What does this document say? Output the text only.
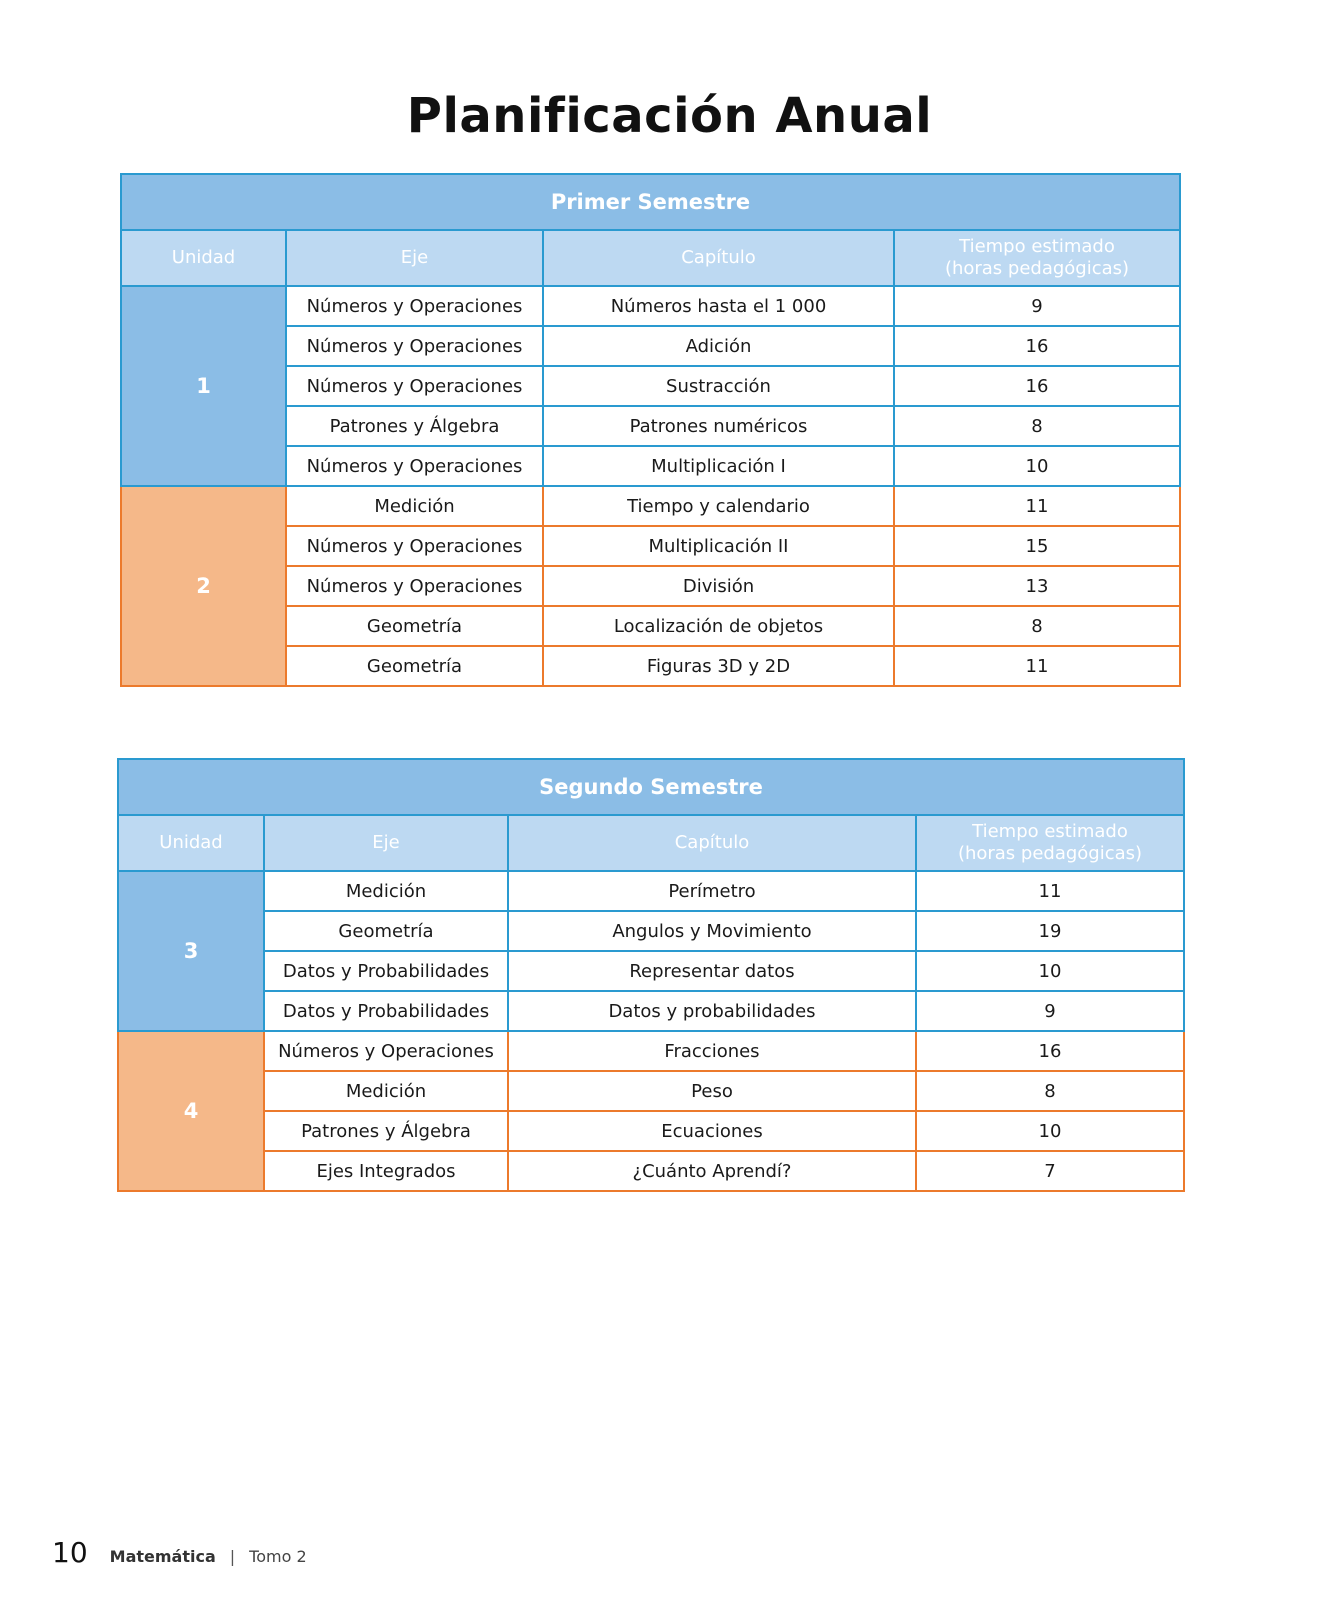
Planificación Anual
Primer Semestre			
Unidad	Eje	Capítulo	Tiempo estimado
(horas pedagógicas)

1	Números y Operaciones	Números hasta el 1 000	9
	Números y Operaciones	Adición	16
	Números y Operaciones	Sustracción	16
	Patrones y Álgebra	Patrones numéricos	8
	Números y Operaciones	Multiplicación I	10
2	Medición	Tiempo y calendario	11
	Números y Operaciones	Multiplicación II	15
	Números y Operaciones	División	13
	Geometría	Localización de objetos	8
	Geometría	Figuras 3D y 2D	11
Segundo Semestre			
Unidad	Eje	Capítulo	Tiempo estimado
(horas pedagógicas)

3	Medición	Perímetro	11
	Geometría	Angulos y Movimiento	19
	Datos y Probabilidades	Representar datos	10
	Datos y Probabilidades	Datos y probabilidades	9
4	Números y Operaciones	Fracciones	16
	Medición	Peso	8
	Patrones y Álgebra	Ecuaciones	10
	Ejes Integrados	¿Cuánto Aprendí?	7
10 Matemática | Tomo 2
